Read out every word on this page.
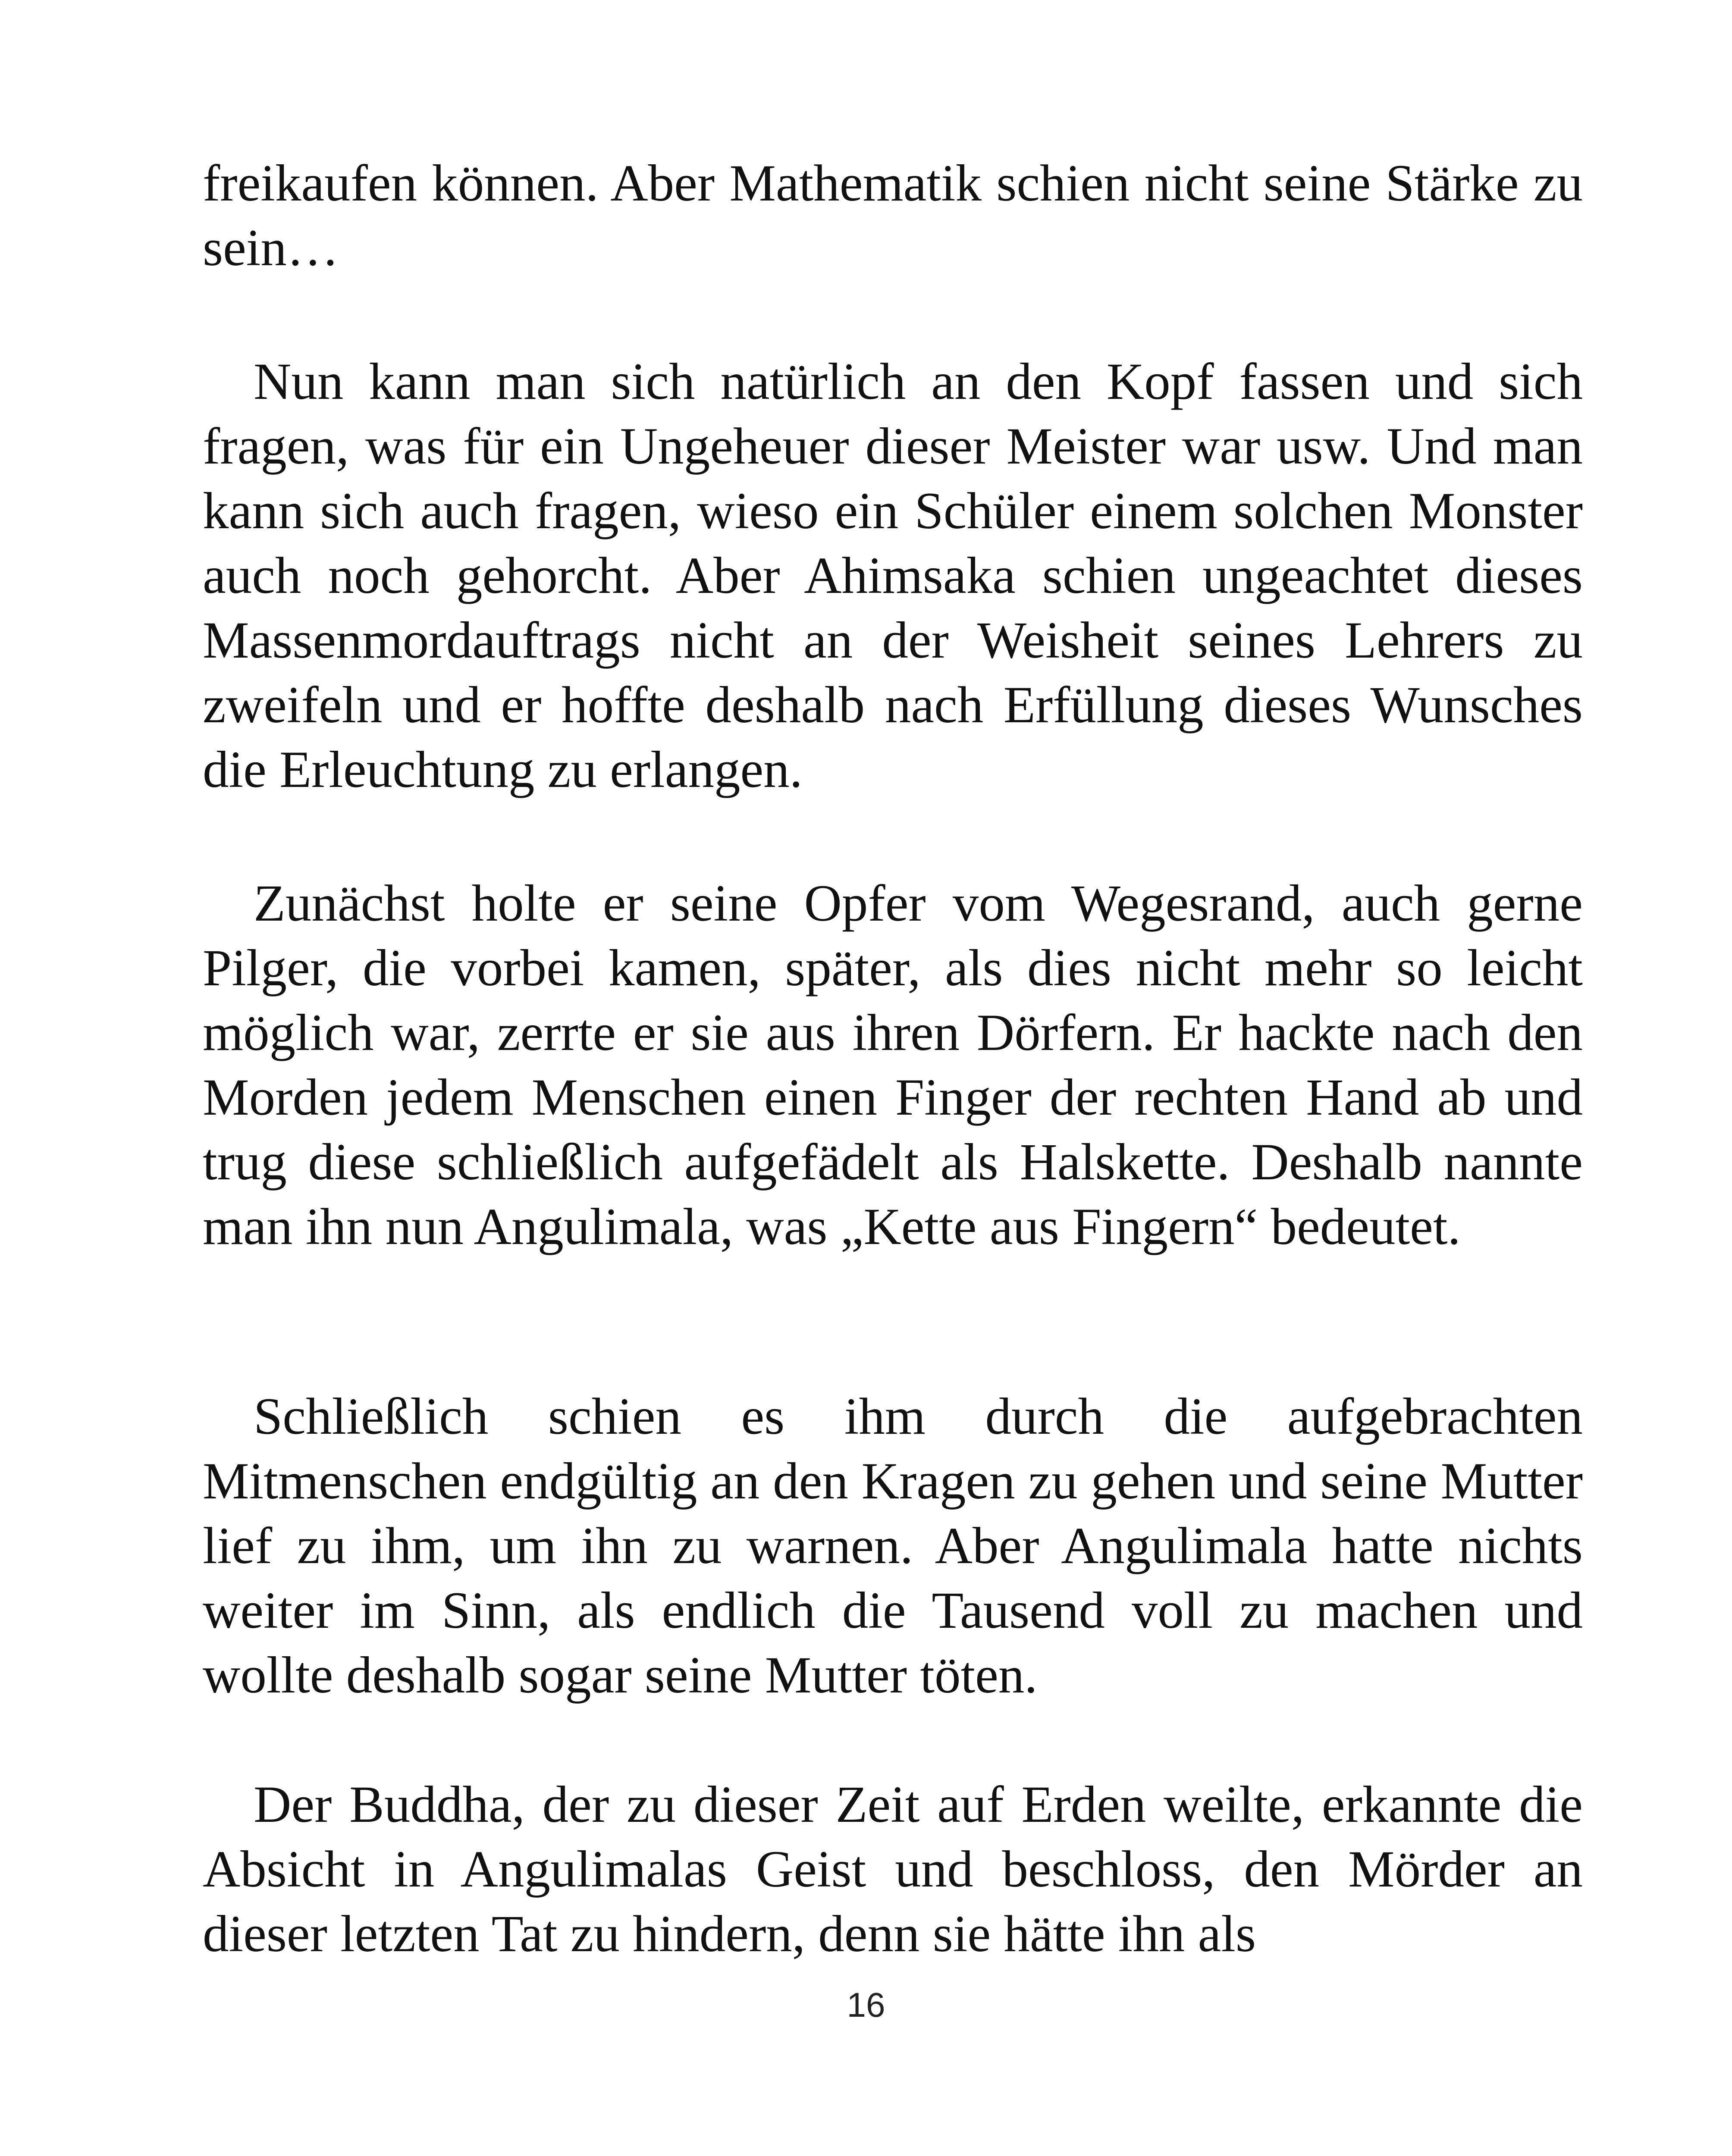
freikaufen können. Aber Mathematik schien nicht seine Stärke zu sein…

Nun kann man sich natürlich an den Kopf fassen und sich fragen, was für ein Ungeheuer dieser Meister war usw. Und man kann sich auch fragen, wieso ein Schüler einem solchen Monster auch noch gehorcht. Aber Ahimsaka schien ungeachtet dieses Massenmordauftrags nicht an der Weisheit seines Lehrers zu zweifeln und er hoffte deshalb nach Erfüllung dieses Wunsches die Erleuchtung zu erlangen.

Zunächst holte er seine Opfer vom Wegesrand, auch gerne Pilger, die vorbei kamen, später, als dies nicht mehr so leicht möglich war, zerrte er sie aus ihren Dörfern. Er hackte nach den Morden jedem Menschen einen Finger der rechten Hand ab und trug diese schließlich aufgefädelt als Halskette. Deshalb nannte man ihn nun Angulimala, was „Kette aus Fingern“ bedeutet.

Schließlich schien es ihm durch die aufgebrachten Mitmenschen endgültig an den Kragen zu gehen und seine Mutter lief zu ihm, um ihn zu warnen. Aber Angulimala hatte nichts weiter im Sinn, als endlich die Tausend voll zu machen und wollte deshalb sogar seine Mutter töten.

Der Buddha, der zu dieser Zeit auf Erden weilte, erkannte die Absicht in Angulimalas Geist und beschloss, den Mörder an dieser letzten Tat zu hindern, denn sie hätte ihn als

16
